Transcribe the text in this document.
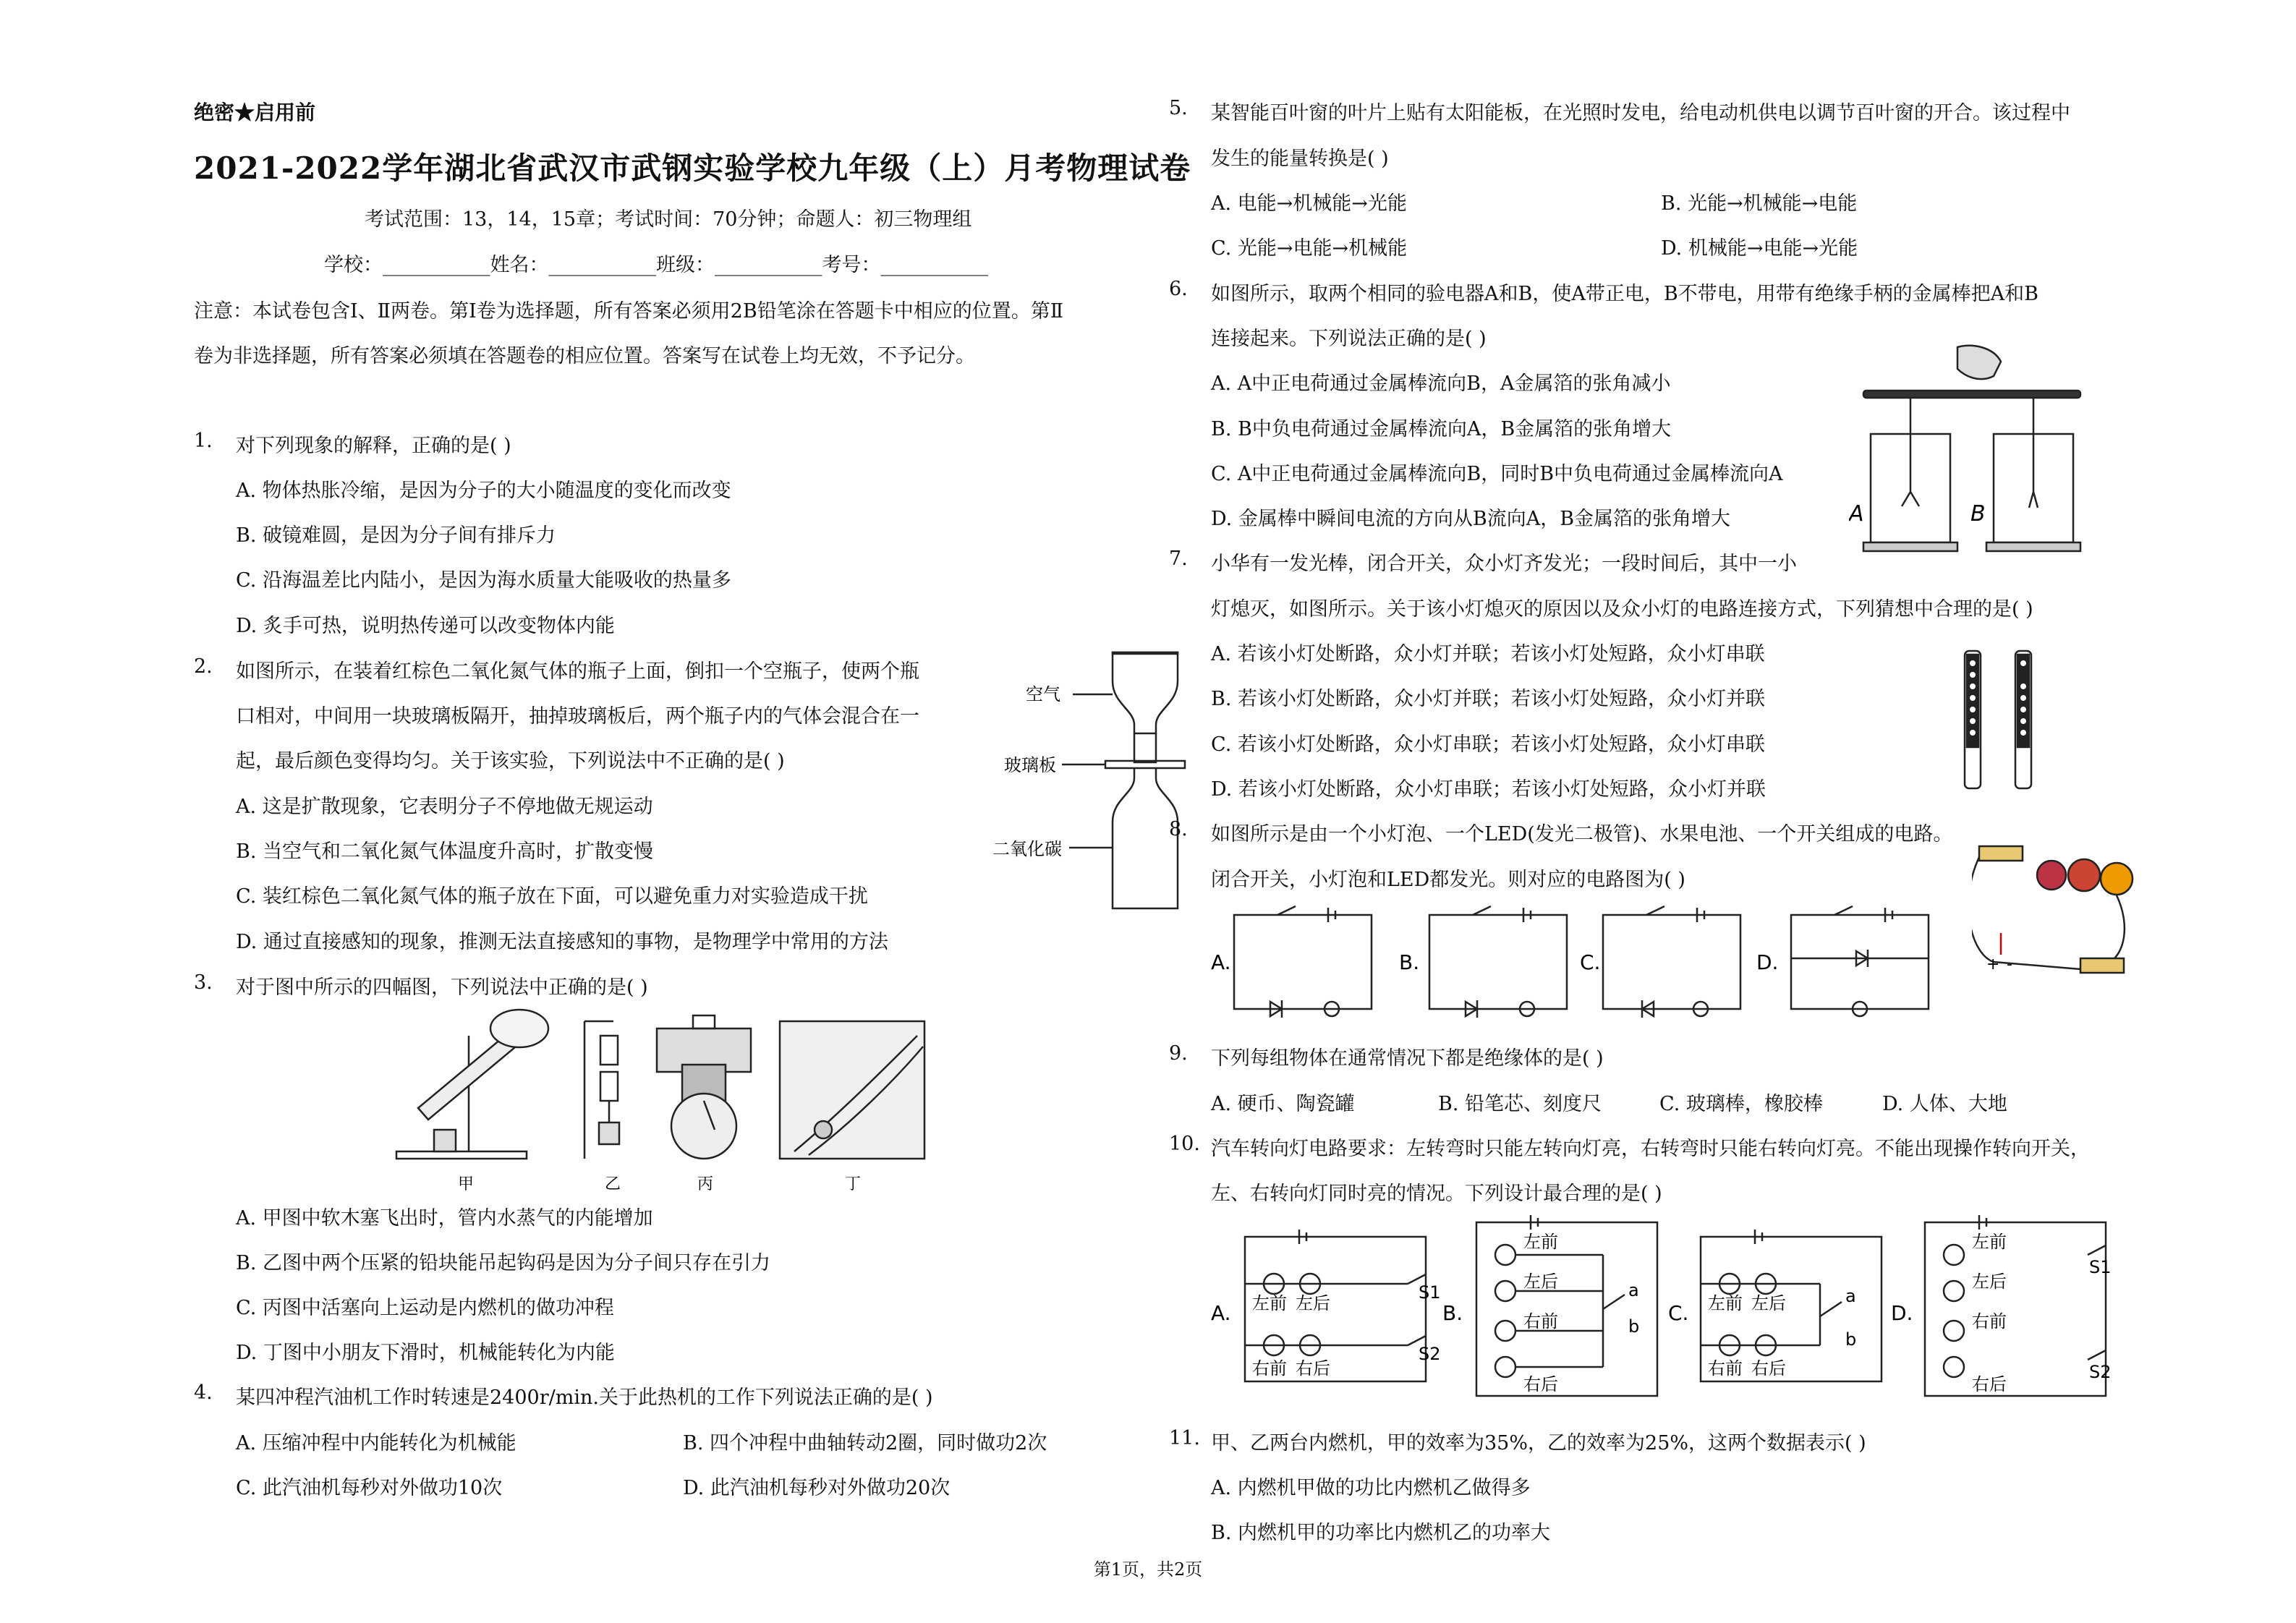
绝密★启用前
2021-2022学年湖北省武汉市武钢实验学校九年级（上）月考物理试卷
考试范围：13，14，15章；考试时间：70分钟；命题人：初三物理组
学校：___________姓名：___________班级：___________考号：___________
注意：本试卷包含Ⅰ、Ⅱ两卷。第Ⅰ卷为选择题，所有答案必须用2B铅笔涂在答题卡中相应的位置。第Ⅱ
卷为非选择题，所有答案必须填在答题卷的相应位置。答案写在试卷上均无效，不予记分。
1. 对下列现象的解释，正确的是( )
A. 物体热胀冷缩，是因为分子的大小随温度的变化而改变
B. 破镜难圆，是因为分子间有排斥力
C. 沿海温差比内陆小，是因为海水质量大能吸收的热量多
D. 炙手可热，说明热传递可以改变物体内能
2. 如图所示，在装着红棕色二氧化氮气体的瓶子上面，倒扣一个空瓶子，使两个瓶
口相对，中间用一块玻璃板隔开，抽掉玻璃板后，两个瓶子内的气体会混合在一
起，最后颜色变得均匀。关于该实验，下列说法中不正确的是( )
A. 这是扩散现象，它表明分子不停地做无规运动
B. 当空气和二氧化氮气体温度升高时，扩散变慢
C. 装红棕色二氧化氮气体的瓶子放在下面，可以避免重力对实验造成干扰
D. 通过直接感知的现象，推测无法直接感知的事物，是物理学中常用的方法
空气
玻璃板
二氧化碳
3. 对于图中所示的四幅图，下列说法中正确的是( )
甲	乙	丙	丁
A. 甲图中软木塞飞出时，管内水蒸气的内能增加
B. 乙图中两个压紧的铅块能吊起钩码是因为分子间只存在引力
C. 丙图中活塞向上运动是内燃机的做功冲程
D. 丁图中小朋友下滑时，机械能转化为内能
4. 某四冲程汽油机工作时转速是2400r/min.关于此热机的工作下列说法正确的是( )
A. 压缩冲程中内能转化为机械能	B. 四个冲程中曲轴转动2圈，同时做功2次
C. 此汽油机每秒对外做功10次	D. 此汽油机每秒对外做功20次
5. 某智能百叶窗的叶片上贴有太阳能板，在光照时发电，给电动机供电以调节百叶窗的开合。该过程中
发生的能量转换是( )
A. 电能→机械能→光能	B. 光能→机械能→电能
C. 光能→电能→机械能	D. 机械能→电能→光能
6. 如图所示，取两个相同的验电器A和B，使A带正电，B不带电，用带有绝缘手柄的金属棒把A和B
连接起来。下列说法正确的是( )
A. A中正电荷通过金属棒流向B，A金属箔的张角减小
B. B中负电荷通过金属棒流向A，B金属箔的张角增大
C. A中正电荷通过金属棒流向B，同时B中负电荷通过金属棒流向A
D. 金属棒中瞬间电流的方向从B流向A，B金属箔的张角增大	A	B
7. 小华有一发光棒，闭合开关，众小灯齐发光；一段时间后，其中一小
灯熄灭，如图所示。关于该小灯熄灭的原因以及众小灯的电路连接方式，下列猜想中合理的是( )
A. 若该小灯处断路，众小灯并联；若该小灯处短路，众小灯串联
B. 若该小灯处断路，众小灯并联；若该小灯处短路，众小灯并联
C. 若该小灯处断路，众小灯串联；若该小灯处短路，众小灯串联
D. 若该小灯处断路，众小灯串联；若该小灯处短路，众小灯并联
8. 如图所示是由一个小灯泡、一个LED(发光二极管)、水果电池、一个开关组成的电路。
闭合开关，小灯泡和LED都发光。则对应的电路图为( )
A.	B.	C.	D.	+ -
9. 下列每组物体在通常情况下都是绝缘体的是( )
A. 硬币、陶瓷罐	B. 铅笔芯、刻度尺	C. 玻璃棒，橡胶棒	D. 人体、大地
10. 汽车转向灯电路要求：左转弯时只能左转向灯亮，右转弯时只能右转向灯亮。不能出现操作转向开关，
左、右转向灯同时亮的情况。下列设计最合理的是( )
A.	B.	C.	D.
左前 左后
右前 右后
S1
S2
左前
左后
右前
右后
a
b
左前 左后
右前 右后
a
b
左前
左后
右前
右后
S1
S2
11. 甲、乙两台内燃机，甲的效率为35%，乙的效率为25%，这两个数据表示( )
A. 内燃机甲做的功比内燃机乙做得多
B. 内燃机甲的功率比内燃机乙的功率大
第1页，共2页
